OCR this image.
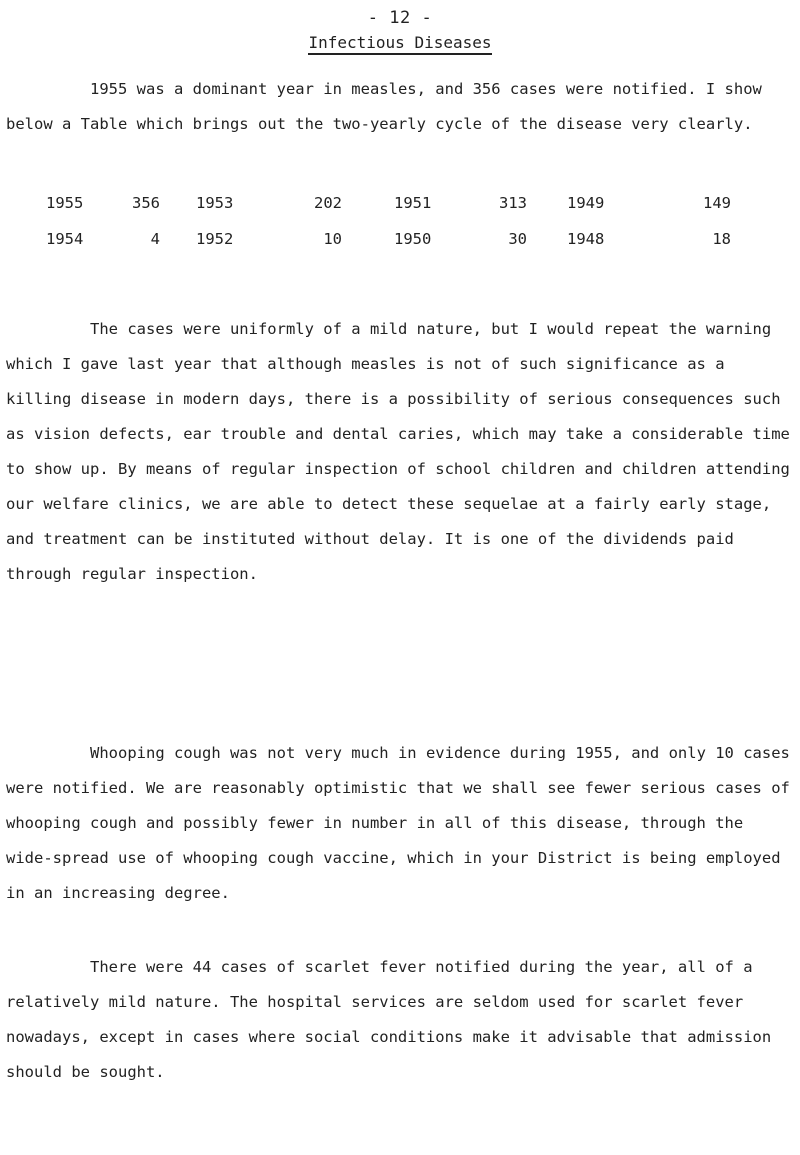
- 12 -
Infectious Diseases

1955 was a dominant year in measles, and 356 cases were notified. I show below a Table which brings out the two-yearly cycle of the disease very clearly.

1955	356 1953	202	1951	313	1949	149
1954	4 1952	10	1950	30	1948	18

The cases were uniformly of a mild nature, but I would repeat the warning which I gave last year that although measles is not of such significance as a killing disease in modern days, there is a possibility of serious consequences such as vision defects, ear trouble and dental caries, which may take a considerable time to show up. By means of regular inspection of school children and children attending our welfare clinics, we are able to detect these sequelae at a fairly early stage, and treatment can be instituted without delay. It is one of the dividends paid through regular inspection.

Whooping cough was not very much in evidence during 1955, and only 10 cases were notified. We are reasonably optimistic that we shall see fewer serious cases of whooping cough and possibly fewer in number in all of this disease, through the wide-spread use of whooping cough vaccine, which in your District is being employed in an increasing degree.

There were 44 cases of scarlet fever notified during the year, all of a relatively mild nature. The hospital services are seldom used for scarlet fever nowadays, except in cases where social conditions make it advisable that admission should be sought.
